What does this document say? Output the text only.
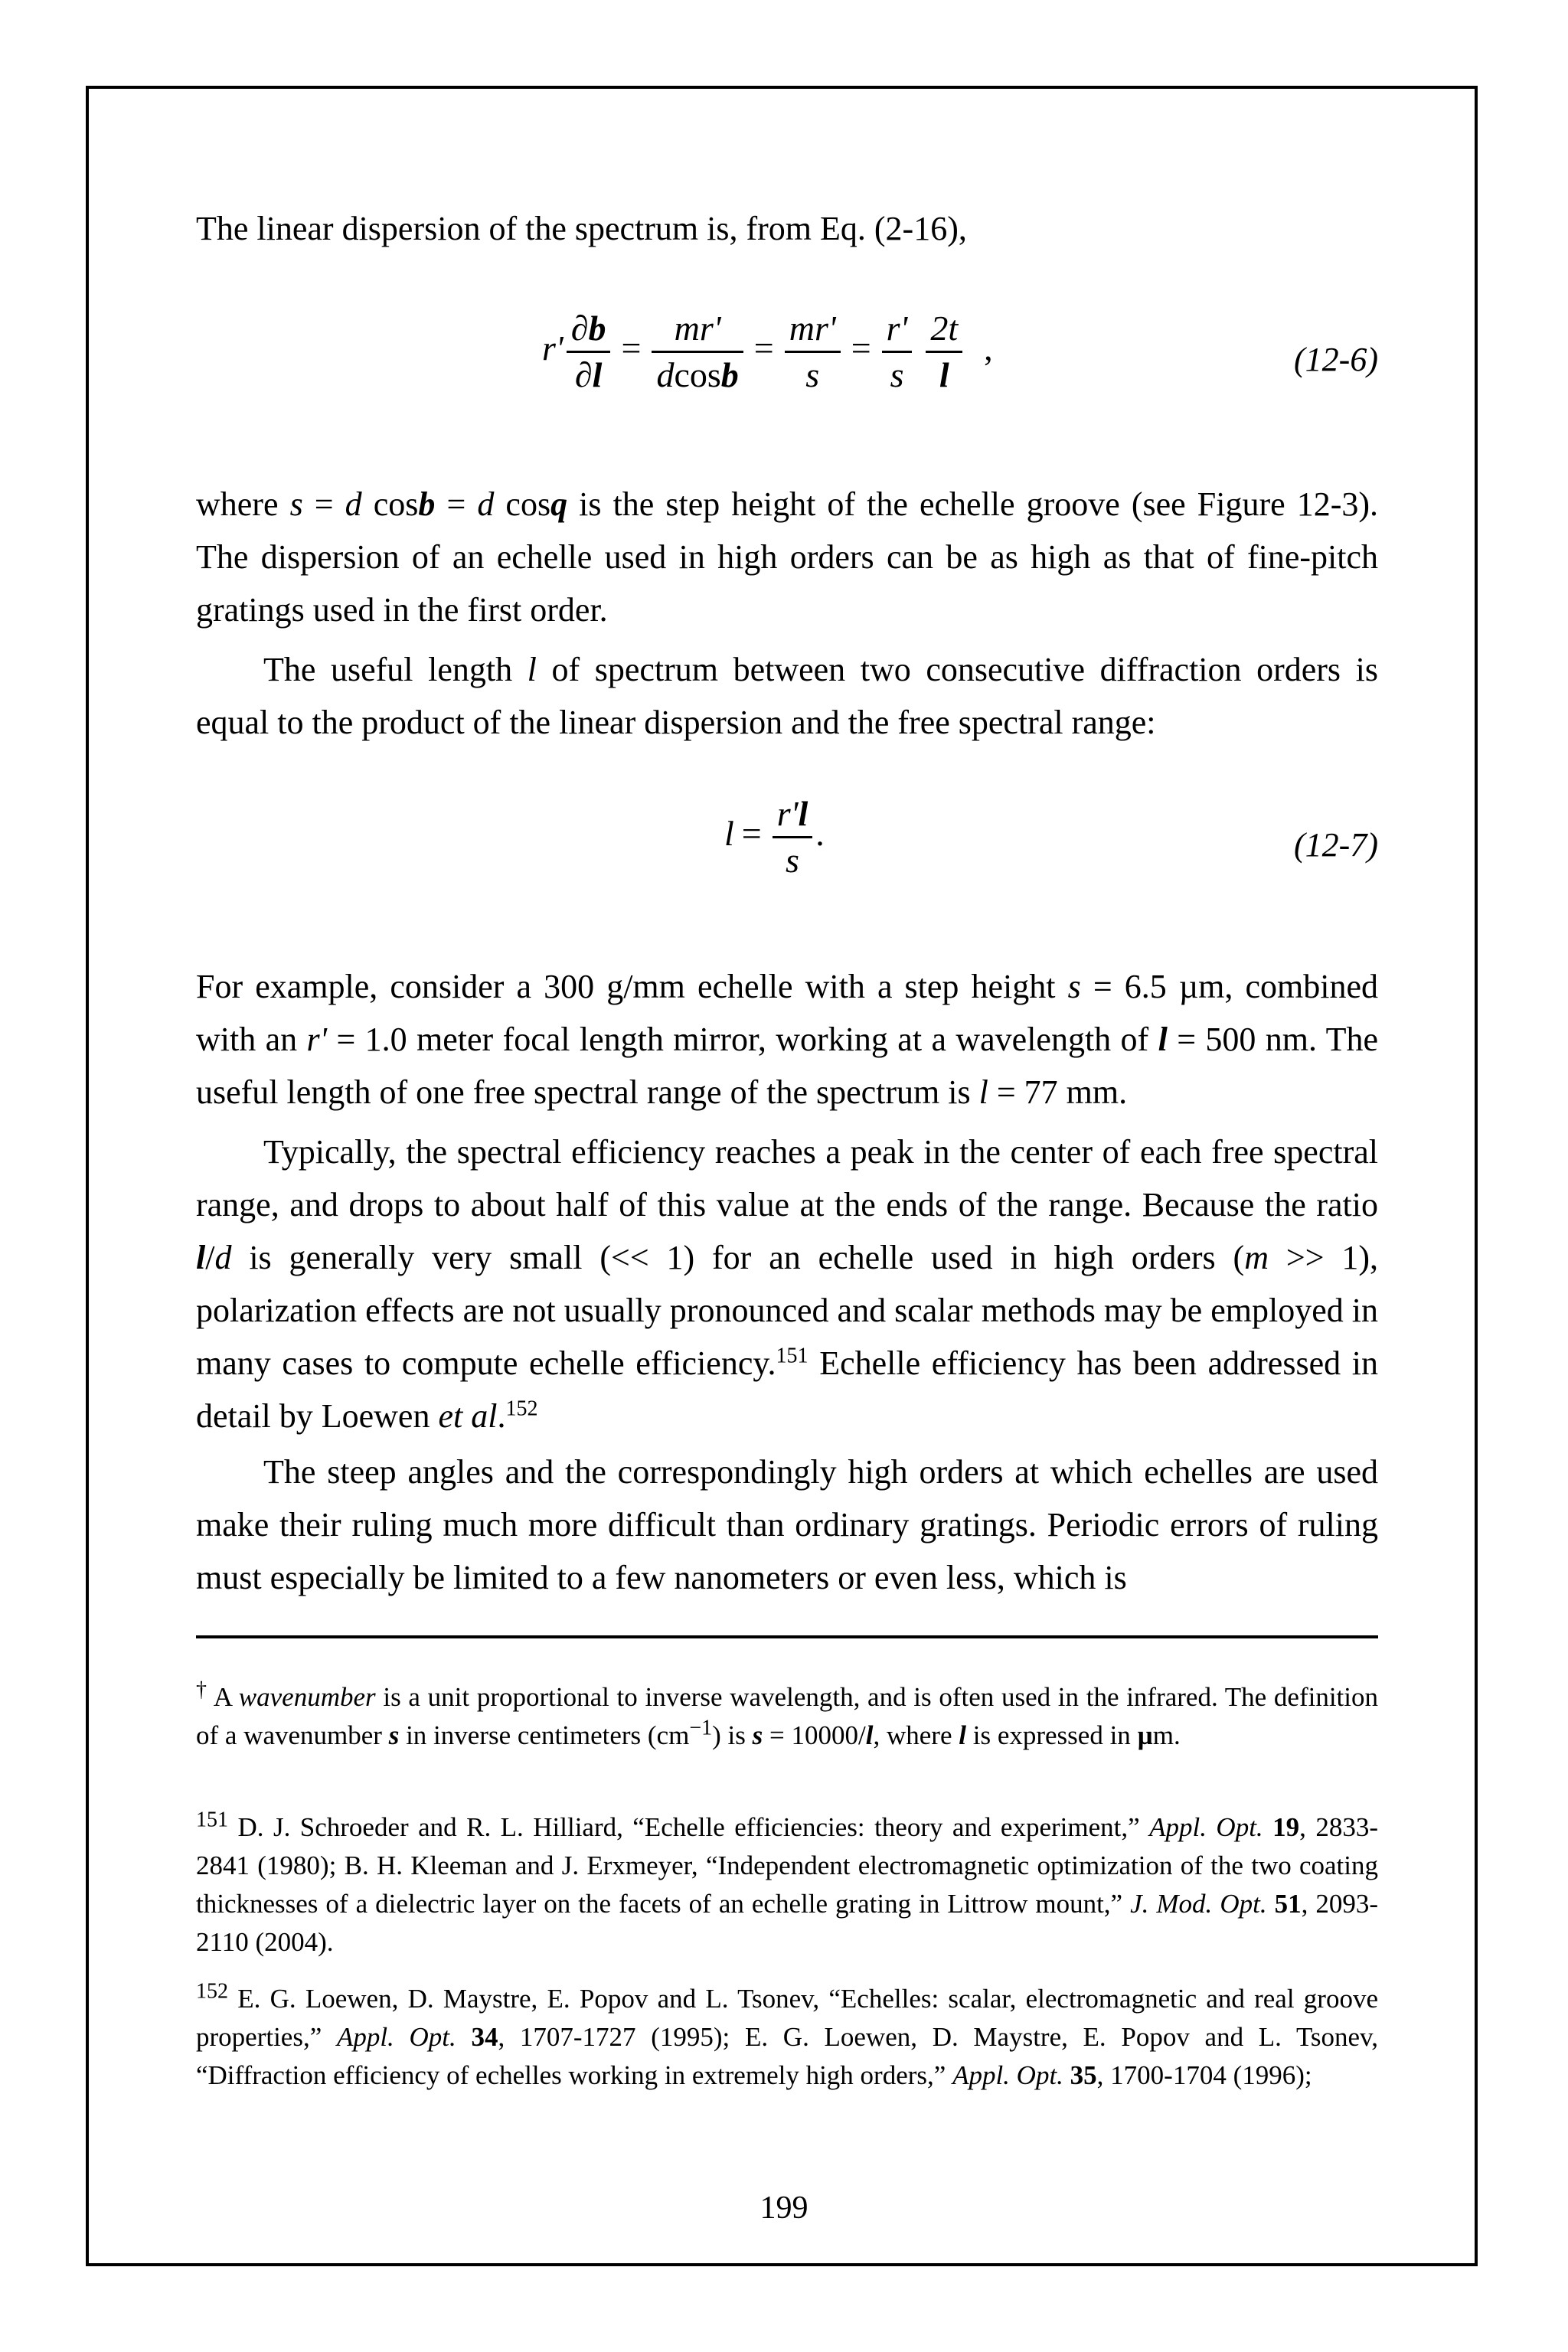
The linear dispersion of the spectrum is, from Eq. (2-16),

$r' \frac{\partial b}{\partial l} = \frac{mr'}{dcosb} = \frac{mr'}{s} = \frac{r'}{s} \frac{2t}{l}$ ,	(12-6)

where s = d cosb = d cosq is the step height of the echelle groove (see Figure 12-3). The dispersion of an echelle used in high orders can be as high as that of fine-pitch gratings used in the first order.

The useful length l of spectrum between two consecutive diffraction orders is equal to the product of the linear dispersion and the free spectral range:

$l = \frac{r'l}{s}$ .	(12-7)

For example, consider a 300 g/mm echelle with a step height s = 6.5 µm, combined with an r' = 1.0 meter focal length mirror, working at a wavelength of l = 500 nm. The useful length of one free spectral range of the spectrum is l = 77 mm.

Typically, the spectral efficiency reaches a peak in the center of each free spectral range, and drops to about half of this value at the ends of the range. Because the ratio l/d is generally very small (<< 1) for an echelle used in high orders (m >> 1), polarization effects are not usually pronounced and scalar methods may be employed in many cases to compute echelle efficiency.$^{151}$ Echelle efficiency has been addressed in detail by Loewen et al.$^{152}$

The steep angles and the correspondingly high orders at which echelles are used make their ruling much more difficult than ordinary gratings. Periodic errors of ruling must especially be limited to a few nanometers or even less, which is

† A wavenumber is a unit proportional to inverse wavelength, and is often used in the infrared. The definition of a wavenumber s in inverse centimeters $(cm^{-1})$ is s = 10000/l, where l is expressed in µm.

$^{151}$ D. J. Schroeder and R. L. Hilliard, “Echelle efficiencies: theory and experiment,” Appl. Opt. 19, 2833-2841 (1980); B. H. Kleeman and J. Erxmeyer, “Independent electromagnetic optimization of the two coating thicknesses of a dielectric layer on the facets of an echelle grating in Littrow mount,” J. Mod. Opt. 51, 2093-2110 (2004).

$^{152}$ E. G. Loewen, D. Maystre, E. Popov and L. Tsonev, “Echelles: scalar, electromagnetic and real groove properties,” Appl. Opt. 34, 1707-1727 (1995); E. G. Loewen, D. Maystre, E. Popov and L. Tsonev, “Diffraction efficiency of echelles working in extremely high orders,” Appl. Opt. 35, 1700-1704 (1996);

199
